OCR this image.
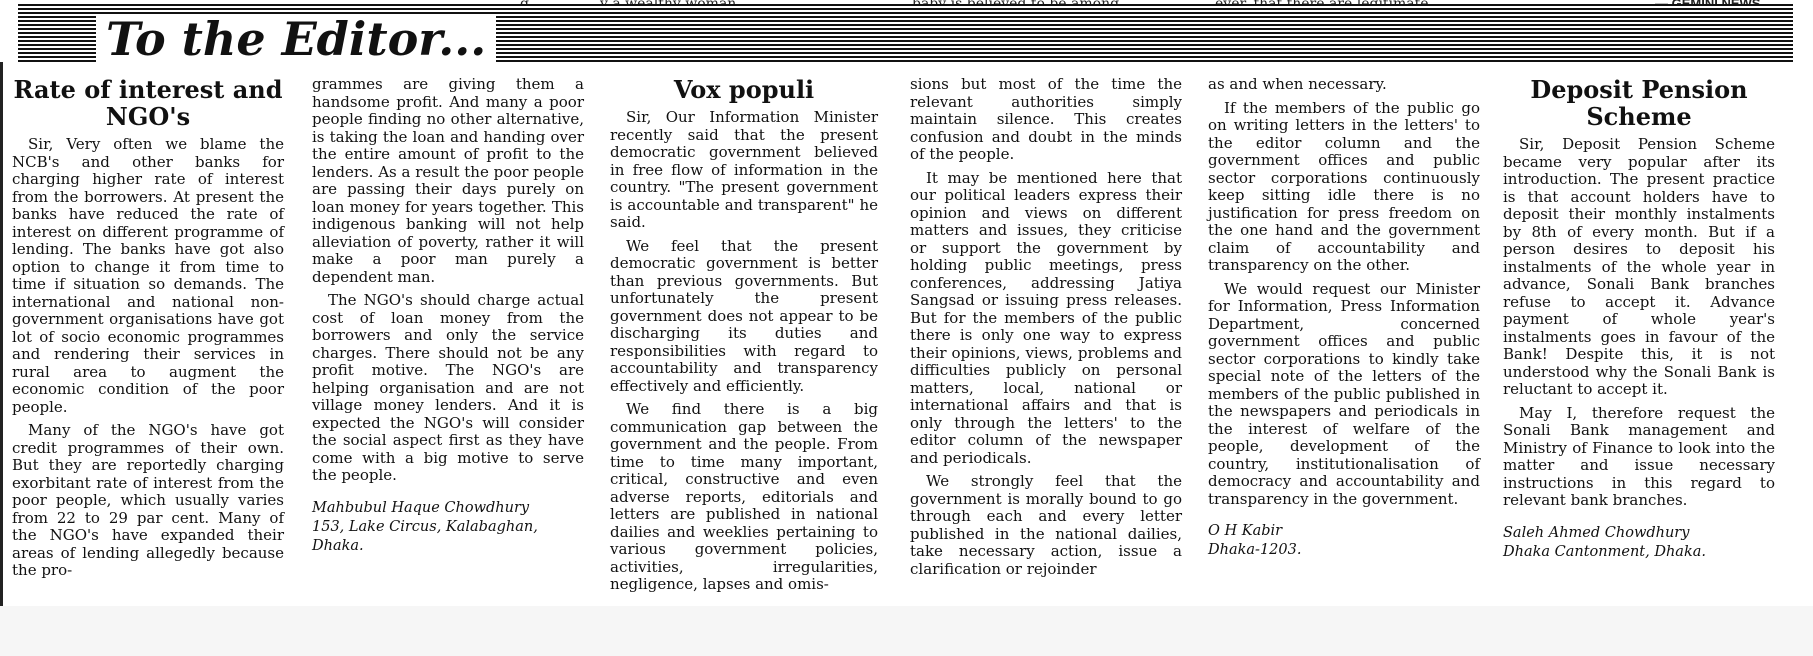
To the Editor...
Rate of interest and NGO's

Sir, Very often we blame the NCB's and other banks for charging higher rate of interest from the borrowers. At present the banks have reduced the rate of interest on different programme of lending. The banks have got also option to change it from time to time if situation so demands. The international and national non-government organisations have got lot of socio economic programmes and rendering their services in rural area to augment the economic condition of the poor people.

Many of the NGO's have got credit programmes of their own. But they are reportedly charging exorbitant rate of interest from the poor people, which usually varies from 22 to 29 par cent. Many of the NGO's have expanded their areas of lending allegedly because the pro-

grammes are giving them a handsome profit. And many a poor people finding no other alternative, is taking the loan and handing over the entire amount of profit to the lenders. As a result the poor people are passing their days purely on loan money for years together. This indigenous banking will not help alleviation of poverty, rather it will make a poor man purely a dependent man.

The NGO's should charge actual cost of loan money from the borrowers and only the service charges. There should not be any profit motive. The NGO's are helping organisation and are not village money lenders. And it is expected the NGO's will consider the social aspect first as they have come with a big motive to serve the people.

Mahbubul Haque Chowdhury

153, Lake Circus, Kalabaghan, Dhaka.

Vox populi

Sir, Our Information Minister recently said that the present democratic government believed in free flow of information in the country. "The present government is accountable and transparent" he said.

We feel that the present democratic government is better than previous governments. But unfortunately the present government does not appear to be discharging its duties and responsibilities with regard to accountability and transparency effectively and efficiently.

We find there is a big communication gap between the government and the people. From time to time many important, critical, constructive and even adverse reports, editorials and letters are published in national dailies and weeklies pertaining to various government policies, activities, irregularities, negligence, lapses and omis-

sions but most of the time the relevant authorities simply maintain silence. This creates confusion and doubt in the minds of the people.

It may be mentioned here that our political leaders express their opinion and views on different matters and issues, they criticise or support the government by holding public meetings, press conferences, addressing Jatiya Sangsad or issuing press releases. But for the members of the public there is only one way to express their opinions, views, problems and difficulties publicly on personal matters, local, national or international affairs and that is only through the letters' to the editor column of the newspaper and periodicals.

We strongly feel that the government is morally bound to go through each and every letter published in the national dailies, take necessary action, issue a clarification or rejoinder

as and when necessary.

If the members of the public go on writing letters in the letters' to the editor column and the government offices and public sector corporations continuously keep sitting idle there is no justification for press freedom on the one hand and the government claim of accountability and transparency on the other.

We would request our Minister for Information, Press Information Department, concerned government offices and public sector corporations to kindly take special note of the letters of the members of the public published in the newspapers and periodicals in the interest of welfare of the people, development of the country, institutionalisation of democracy and accountability and transparency in the government.

O H Kabir

Dhaka-1203.

Deposit Pension Scheme

Sir, Deposit Pension Scheme became very popular after its introduction. The present practice is that account holders have to deposit their monthly instalments by 8th of every month. But if a person desires to deposit his instalments of the whole year in advance, Sonali Bank branches refuse to accept it. Advance payment of whole year's instalments goes in favour of the Bank! Despite this, it is not understood why the Sonali Bank is reluctant to accept it.

May I, therefore request the Sonali Bank management and Ministry of Finance to look into the matter and issue necessary instructions in this regard to relevant bank branches.

Saleh Ahmed Chowdhury

Dhaka Cantonment, Dhaka.
